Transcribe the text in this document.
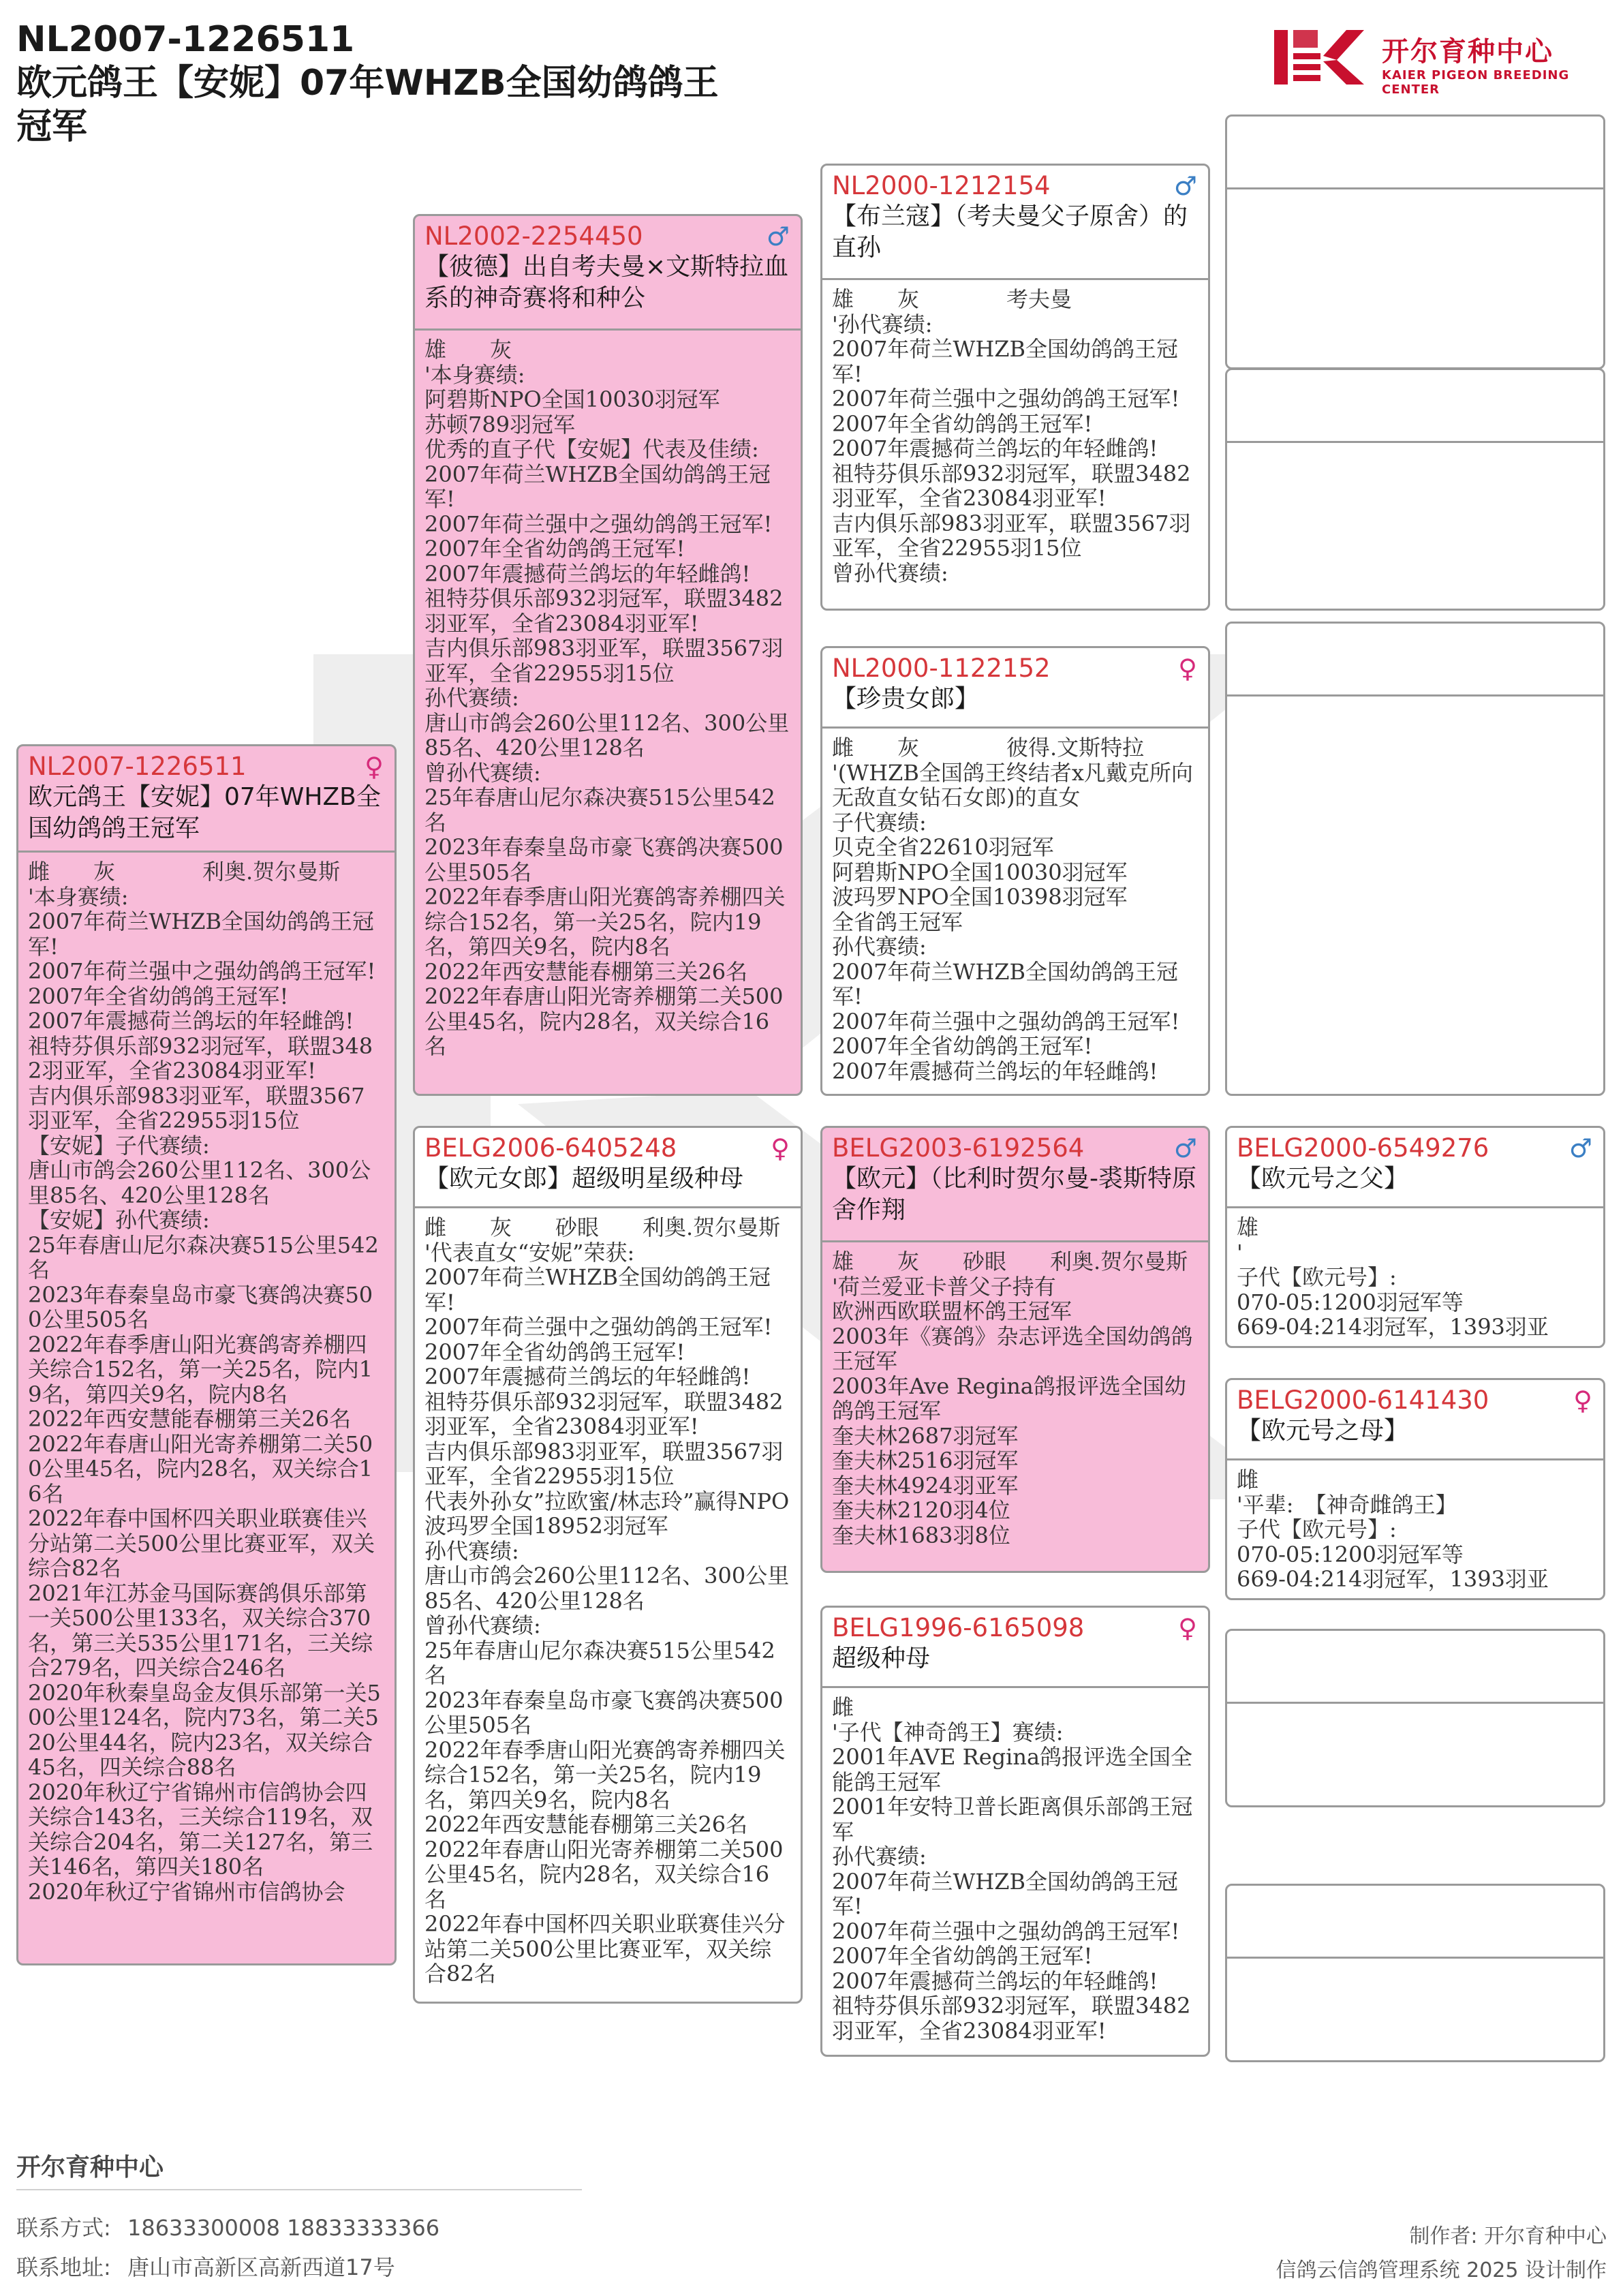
NL2007-1226511
欧元鸽王【安妮】07年WHZB全国幼鸽鸽王
冠军
开尔育种中心
KAIER PIGEON BREEDING CENTER
NL2007-1226511	♀
欧元鸽王【安妮】07年WHZB全国幼鸽鸽王冠军
雌　　灰　　　　利奥.贺尔曼斯
'本身赛绩:
2007年荷兰WHZB全国幼鸽鸽王冠军!
2007年荷兰强中之强幼鸽鸽王冠军!
2007年全省幼鸽鸽王冠军!
2007年震撼荷兰鸽坛的年轻雌鸽!
祖特芬俱乐部932羽冠军，联盟3482羽亚军，全省23084羽亚军!
吉内俱乐部983羽亚军，联盟3567羽亚军，全省22955羽15位
【安妮】子代赛绩:
唐山市鸽会260公里112名、300公里85名、420公里128名
【安妮】孙代赛绩:
25年春唐山尼尔森决赛515公里542名
2023年春秦皇岛市豪飞赛鸽决赛500公里505名
2022年春季唐山阳光赛鸽寄养棚四关综合152名，第一关25名，院内19名，第四关9名，院内8名
2022年西安慧能春棚第三关26名
2022年春唐山阳光寄养棚第二关500公里45名，院内28名，双关综合16名
2022年春中国杯四关职业联赛佳兴分站第二关500公里比赛亚军，双关综合82名
2021年江苏金马国际赛鸽俱乐部第一关500公里133名，双关综合370名，第三关535公里171名，三关综合279名，四关综合246名
2020年秋秦皇岛金友俱乐部第一关500公里124名，院内73名，第二关520公里44名，院内23名，双关综合45名，四关综合88名
2020年秋辽宁省锦州市信鸽协会四关综合143名，三关综合119名，双关综合204名，第二关127名，第三关146名，第四关180名
2020年秋辽宁省锦州市信鸽协会
NL2002-2254450	♂
【彼德】出自考夫曼×文斯特拉血系的神奇赛将和种公
雄　　灰
'本身赛绩:
阿碧斯NPO全国10030羽冠军
苏顿789羽冠军
优秀的直子代【安妮】代表及佳绩:
2007年荷兰WHZB全国幼鸽鸽王冠军!
2007年荷兰强中之强幼鸽鸽王冠军!
2007年全省幼鸽鸽王冠军!
2007年震撼荷兰鸽坛的年轻雌鸽!
祖特芬俱乐部932羽冠军，联盟3482羽亚军，全省23084羽亚军!
吉内俱乐部983羽亚军，联盟3567羽亚军，全省22955羽15位
孙代赛绩:
唐山市鸽会260公里112名、300公里85名、420公里128名
曾孙代赛绩:
25年春唐山尼尔森决赛515公里542名
2023年春秦皇岛市豪飞赛鸽决赛500公里505名
2022年春季唐山阳光赛鸽寄养棚四关综合152名，第一关25名，院内19名，第四关9名，院内8名
2022年西安慧能春棚第三关26名
2022年春唐山阳光寄养棚第二关500公里45名，院内28名，双关综合16名
BELG2006-6405248	♀
【欧元女郎】超级明星级种母
雌　　灰　　砂眼　　利奥.贺尔曼斯
'代表直女“安妮”荣获:
2007年荷兰WHZB全国幼鸽鸽王冠军!
2007年荷兰强中之强幼鸽鸽王冠军!
2007年全省幼鸽鸽王冠军!
2007年震撼荷兰鸽坛的年轻雌鸽!
祖特芬俱乐部932羽冠军，联盟3482羽亚军，全省23084羽亚军!
吉内俱乐部983羽亚军，联盟3567羽亚军，全省22955羽15位
代表外孙女”拉欧蜜/林志玲”赢得NPO波玛罗全国18952羽冠军
孙代赛绩:
唐山市鸽会260公里112名、300公里85名、420公里128名
曾孙代赛绩:
25年春唐山尼尔森决赛515公里542名
2023年春秦皇岛市豪飞赛鸽决赛500公里505名
2022年春季唐山阳光赛鸽寄养棚四关综合152名，第一关25名，院内19名，第四关9名，院内8名
2022年西安慧能春棚第三关26名
2022年春唐山阳光寄养棚第二关500公里45名，院内28名，双关综合16名
2022年春中国杯四关职业联赛佳兴分站第二关500公里比赛亚军，双关综合82名
NL2000-1212154	♂
【布兰寇】（考夫曼父子原舍）的直孙
雄　　灰　　　　考夫曼
'孙代赛绩:
2007年荷兰WHZB全国幼鸽鸽王冠军!
2007年荷兰强中之强幼鸽鸽王冠军!
2007年全省幼鸽鸽王冠军!
2007年震撼荷兰鸽坛的年轻雌鸽!
祖特芬俱乐部932羽冠军，联盟3482羽亚军，全省23084羽亚军!
吉内俱乐部983羽亚军，联盟3567羽亚军，全省22955羽15位
曾孙代赛绩:
NL2000-1122152	♀
【珍贵女郎】
雌　　灰　　　　彼得.文斯特拉
'(WHZB全国鸽王终结者x凡戴克所向无敌直女钻石女郎)的直女
子代赛绩:
贝克全省22610羽冠军
阿碧斯NPO全国10030羽冠军
波玛罗NPO全国10398羽冠军
全省鸽王冠军
孙代赛绩:
2007年荷兰WHZB全国幼鸽鸽王冠军!
2007年荷兰强中之强幼鸽鸽王冠军!
2007年全省幼鸽鸽王冠军!
2007年震撼荷兰鸽坛的年轻雌鸽!
BELG2003-6192564	♂
【欧元】（比利时贺尔曼-裘斯特原舍作翔
雄　　灰　　砂眼　　利奥.贺尔曼斯
'荷兰爱亚卡普父子持有
欧洲西欧联盟杯鸽王冠军
2003年《赛鸽》杂志评选全国幼鸽鸽王冠军
2003年Ave Regina鸽报评选全国幼鸽鸽王冠军
奎夫林2687羽冠军
奎夫林2516羽冠军
奎夫林4924羽亚军
奎夫林2120羽4位
奎夫林1683羽8位
BELG1996-6165098	♀
超级种母
雌
'子代【神奇鸽王】赛绩:
2001年AVE Regina鸽报评选全国全能鸽王冠军
2001年安特卫普长距离俱乐部鸽王冠军
孙代赛绩:
2007年荷兰WHZB全国幼鸽鸽王冠军!
2007年荷兰强中之强幼鸽鸽王冠军!
2007年全省幼鸽鸽王冠军!
2007年震撼荷兰鸽坛的年轻雌鸽!
祖特芬俱乐部932羽冠军，联盟3482羽亚军，全省23084羽亚军!
BELG2000-6549276	♂
【欧元号之父】
雄
'
子代【欧元号】:
070-05:1200羽冠军等
669-04:214羽冠军，1393羽亚
BELG2000-6141430	♀
【欧元号之母】
雌
'平辈:　【神奇雌鸽王】
子代【欧元号】:
070-05:1200羽冠军等
669-04:214羽冠军，1393羽亚
开尔育种中心
联系方式: 18633300008 18833333366
联系地址: 唐山市高新区高新西道17号
制作者: 开尔育种中心
信鸽云信鸽管理系统 2025 设计制作
